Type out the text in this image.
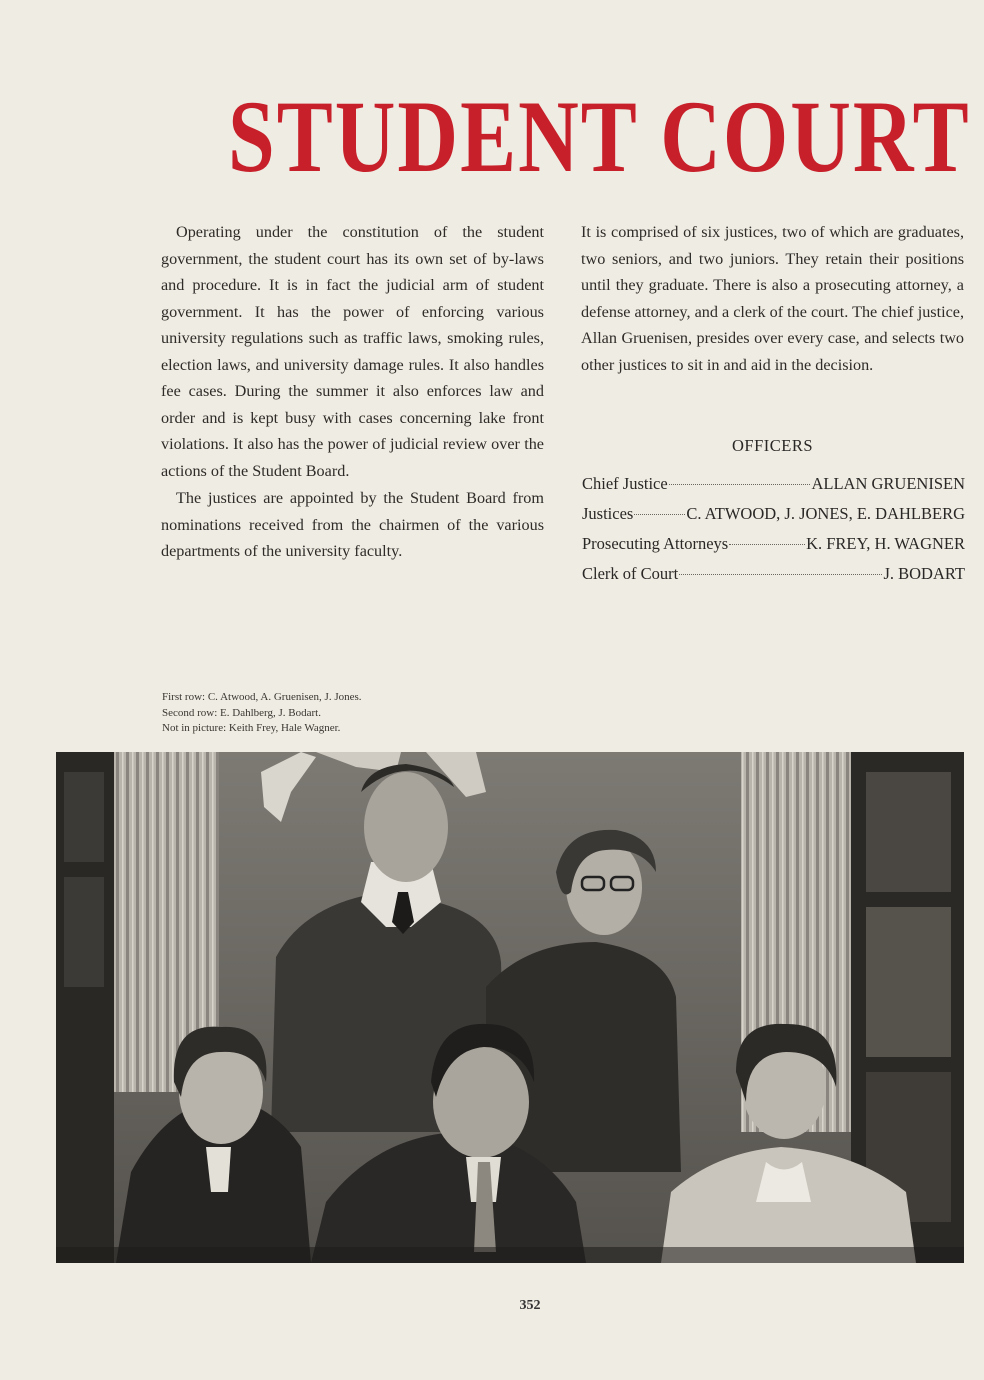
STUDENT COURT

Operating under the constitution of the student government, the student court has its own set of by-laws and procedure. It is in fact the judicial arm of student government. It has the power of enforcing various university regulations such as traffic laws, smoking rules, election laws, and university damage rules. It also handles fee cases. During the summer it also enforces law and order and is kept busy with cases concerning lake front violations. It also has the power of judicial review over the actions of the Student Board.

The justices are appointed by the Student Board from nominations received from the chairmen of the various departments of the university faculty.

It is comprised of six justices, two of which are graduates, two seniors, and two juniors. They retain their positions until they graduate. There is also a prosecuting attorney, a defense attorney, and a clerk of the court. The chief justice, Allan Gruenisen, presides over every case, and selects two other justices to sit in and aid in the decision.

OFFICERS
Chief Justice	ALLAN GRUENISEN
Justices	C. ATWOOD, J. JONES, E. DAHLBERG
Prosecuting Attorneys	K. FREY, H. WAGNER
Clerk of Court	J. BODART
First row: C. Atwood, A. Gruenisen, J. Jones.
Second row: E. Dahlberg, J. Bodart.
Not in picture: Keith Frey, Hale Wagner.
352
